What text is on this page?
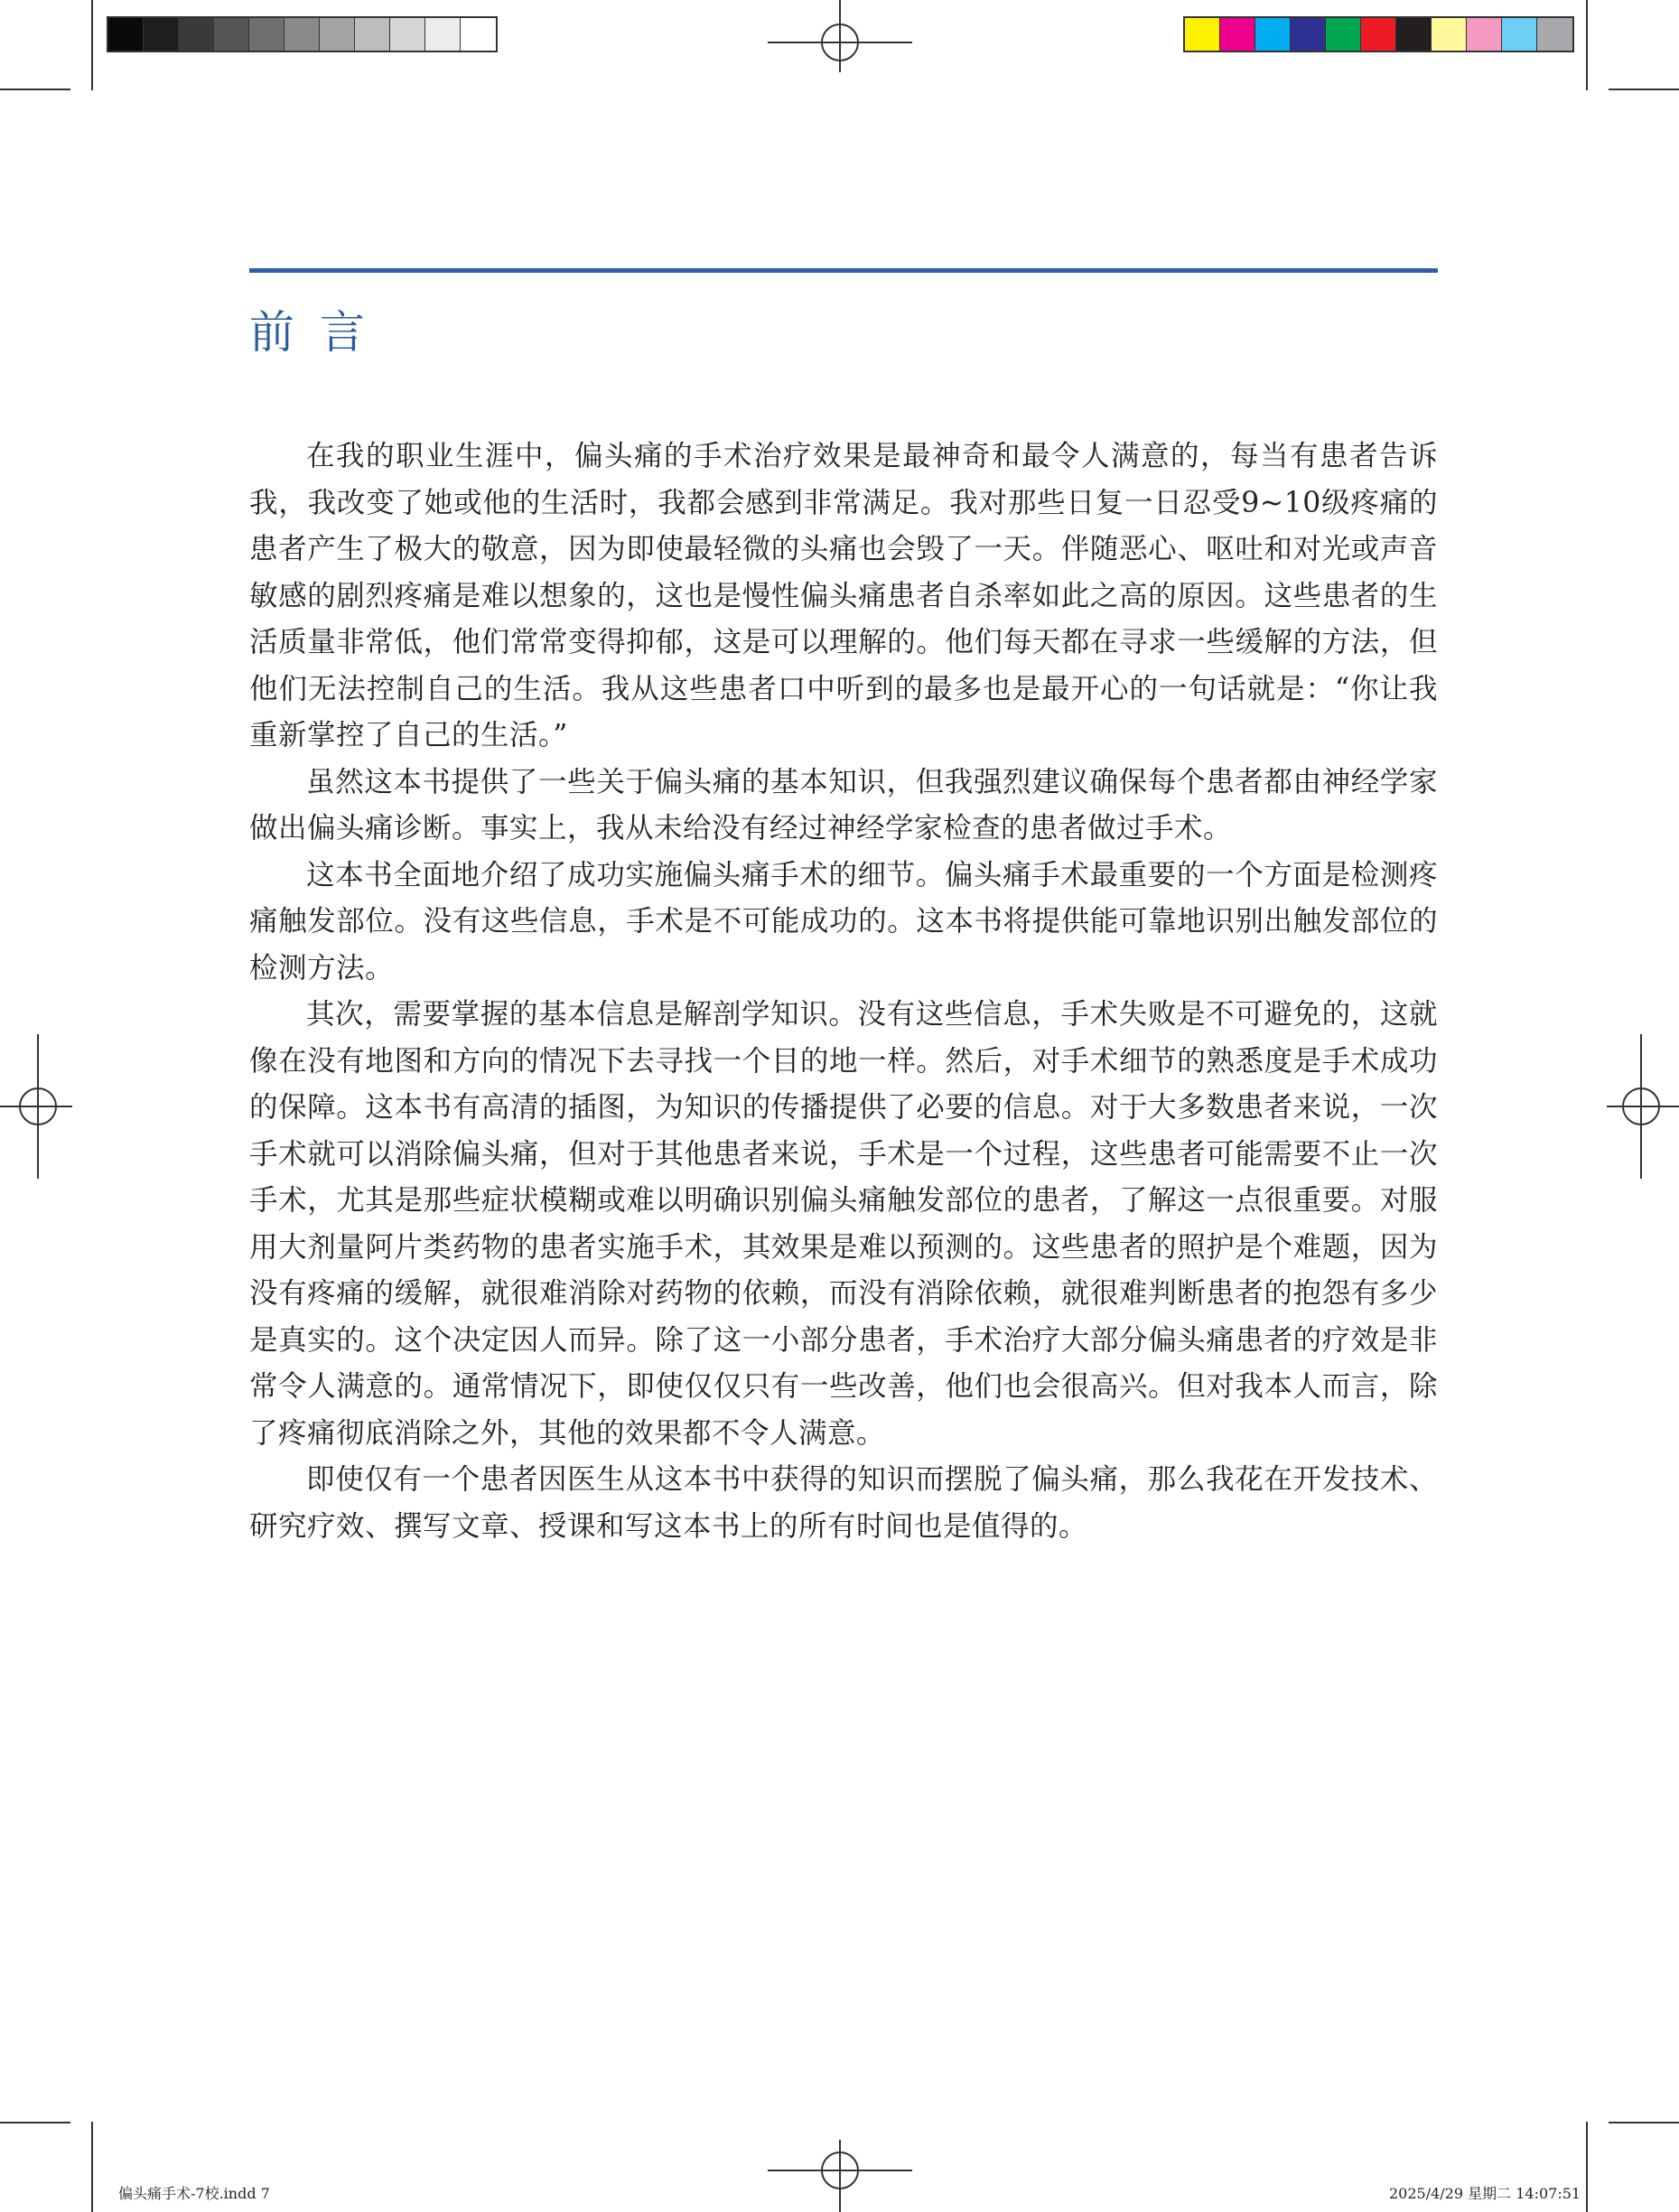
前言

在我的职业生涯中，偏头痛的手术治疗效果是最神奇和最令人满意的，每当有患者告诉我，我改变了她或他的生活时，我都会感到非常满足。我对那些日复一日忍受9~10级疼痛的患者产生了极大的敬意，因为即使最轻微的头痛也会毁了一天。伴随恶心、呕吐和对光或声音敏感的剧烈疼痛是难以想象的，这也是慢性偏头痛患者自杀率如此之高的原因。这些患者的生活质量非常低，他们常常变得抑郁，这是可以理解的。他们每天都在寻求一些缓解的方法，但他们无法控制自己的生活。我从这些患者口中听到的最多也是最开心的一句话就是：“你让我重新掌控了自己的生活。”

虽然这本书提供了一些关于偏头痛的基本知识，但我强烈建议确保每个患者都由神经学家做出偏头痛诊断。事实上，我从未给没有经过神经学家检查的患者做过手术。

这本书全面地介绍了成功实施偏头痛手术的细节。偏头痛手术最重要的一个方面是检测疼痛触发部位。没有这些信息，手术是不可能成功的。这本书将提供能可靠地识别出触发部位的检测方法。

其次，需要掌握的基本信息是解剖学知识。没有这些信息，手术失败是不可避免的，这就像在没有地图和方向的情况下去寻找一个目的地一样。然后，对手术细节的熟悉度是手术成功的保障。这本书有高清的插图，为知识的传播提供了必要的信息。对于大多数患者来说，一次手术就可以消除偏头痛，但对于其他患者来说，手术是一个过程，这些患者可能需要不止一次手术，尤其是那些症状模糊或难以明确识别偏头痛触发部位的患者，了解这一点很重要。对服用大剂量阿片类药物的患者实施手术，其效果是难以预测的。这些患者的照护是个难题，因为没有疼痛的缓解，就很难消除对药物的依赖，而没有消除依赖，就很难判断患者的抱怨有多少是真实的。这个决定因人而异。除了这一小部分患者，手术治疗大部分偏头痛患者的疗效是非常令人满意的。通常情况下，即使仅仅只有一些改善，他们也会很高兴。但对我本人而言，除了疼痛彻底消除之外，其他的效果都不令人满意。

即使仅有一个患者因医生从这本书中获得的知识而摆脱了偏头痛，那么我花在开发技术、研究疗效、撰写文章、授课和写这本书上的所有时间也是值得的。

偏头痛手术-7校.indd 7	2025/4/29 星期二 14:07:51
